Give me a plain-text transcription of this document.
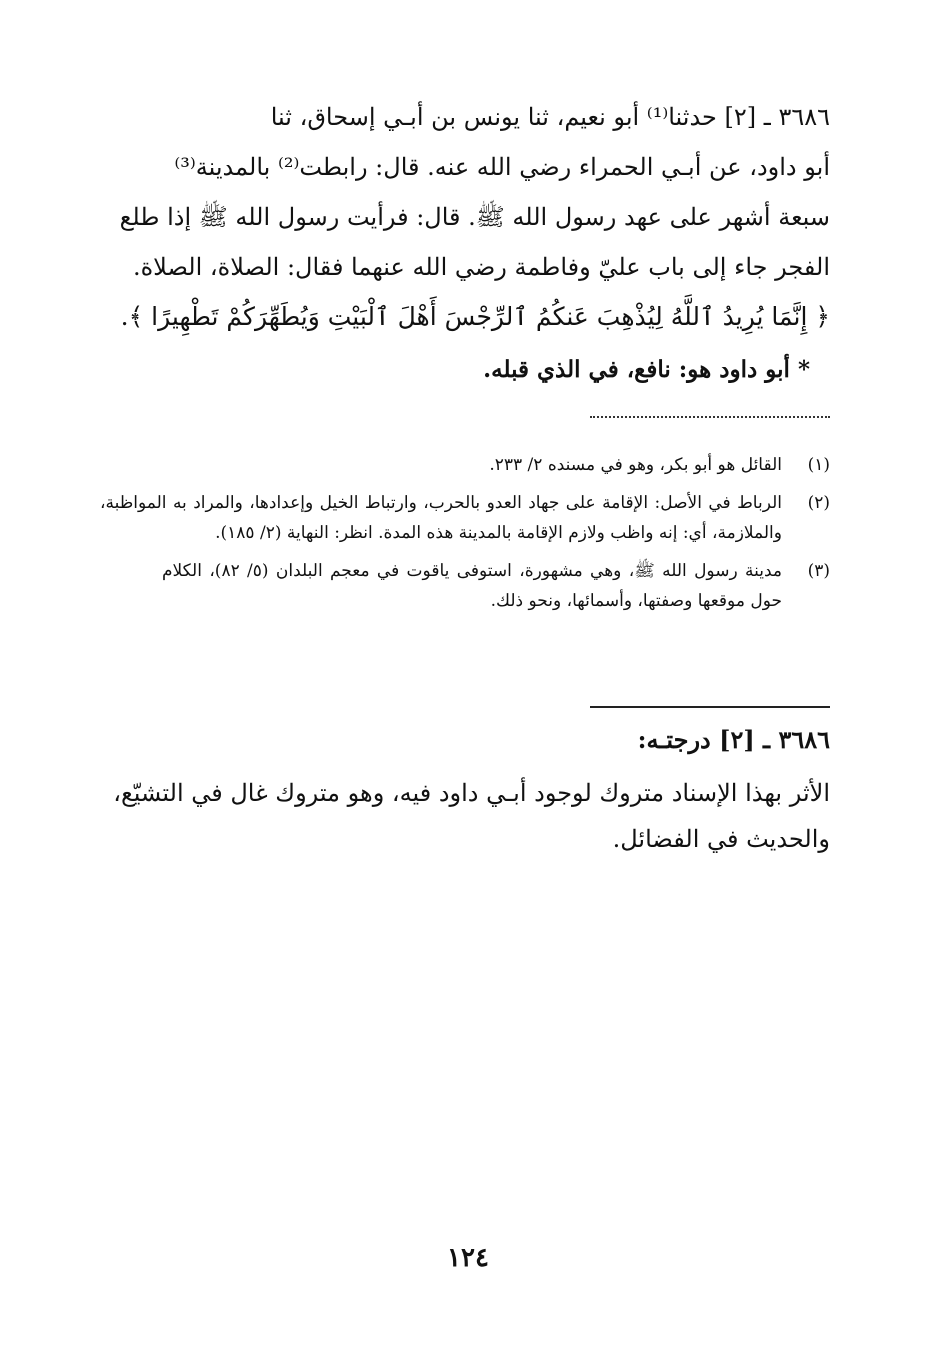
٣٦٨٦ ـ [٢] حدثنا⁽¹⁾ أبو نعيم، ثنا يونس بن أبـي إسحاق، ثنا

أبو داود، عن أبـي الحمراء رضي الله عنه. قال: رابطت⁽²⁾ بالمدينة⁽³⁾

سبعة أشهر على عهد رسول الله ﷺ. قال: فرأيت رسول الله ﷺ إذا طلع

الفجر جاء إلى باب عليّ وفاطمة رضي الله عنهما فقال: الصلاة، الصلاة.

﴿ إِنَّمَا يُرِيدُ ٱللَّهُ لِيُذْهِبَ عَنكُمُ ٱلرِّجْسَ أَهْلَ ٱلْبَيْتِ وَيُطَهِّرَكُمْ تَطْهِيرًا ﴾.

* أبو داود هو: نافع، في الذي قبله.
(١)
القائل هو أبو بكر، وهو في مسنده ٢/ ٢٣٣.
(٢)
الرباط في الأصل: الإقامة على جهاد العدو بالحرب، وارتباط الخيل وإعدادها، والمراد به المواظبة، والملازمة، أي: إنه واظب ولازم الإقامة بالمدينة هذه المدة. انظر: النهاية (٢/ ١٨٥).
(٣)
مدينة رسول الله ﷺ، وهي مشهورة، استوفى ياقوت في معجم البلدان (٥/ ٨٢)، الكلام حول موقعها وصفتها، وأسمائها، ونحو ذلك.
٣٦٨٦ ـ [٢] درجتـه:

الأثر بهذا الإسناد متروك لوجود أبـي داود فيه، وهو متروك غال في التشيّع،

والحديث في الفضائل.

١٢٤
